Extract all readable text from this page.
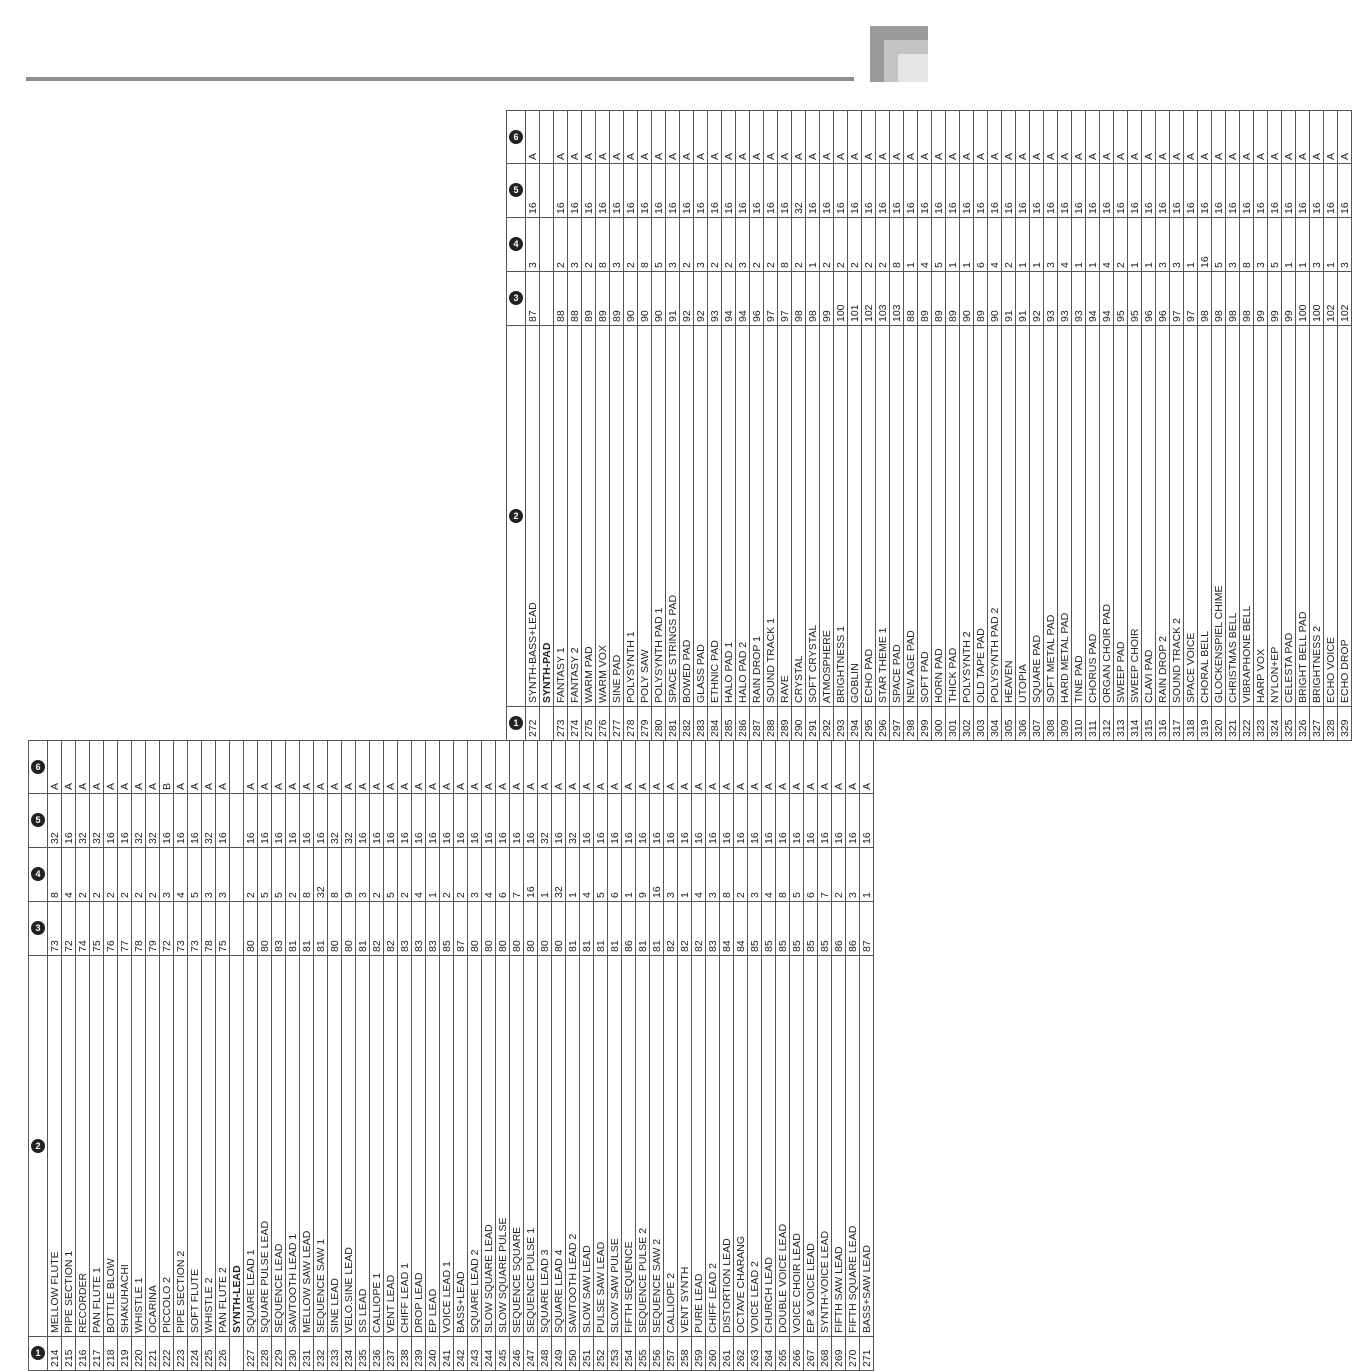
1	2	3	4	5	6
214	MELLOW FLUTE	73	8	32	A
215	PIPE SECTION 1	72	4	16	A
216	RECORDER	74	2	32	A
217	PAN FLUTE 1	75	2	32	A
218	BOTTLE BLOW	76	2	16	A
219	SHAKUHACHI	77	2	16	A
220	WHISTLE 1	78	2	32	A
221	OCARINA	79	2	32	A
222	PICCOLO 2	72	3	16	B
223	PIPE SECTION 2	73	4	16	A
224	SOFT FLUTE	73	5	16	A
225	WHISTLE 2	78	3	32	A
226	PAN FLUTE 2	75	3	16	A
	SYNTH-LEAD				
227	SQUARE LEAD 1	80	2	16	A
228	SQUARE PULSE LEAD	80	5	16	A
229	SEQUENCE LEAD	83	5	16	A
230	SAWTOOTH LEAD 1	81	2	16	A
231	MELLOW SAW LEAD	81	8	16	A
232	SEQUENCE SAW 1	81	32	16	A
233	SINE LEAD	80	8	32	A
234	VELO.SINE LEAD	80	9	32	A
235	SS LEAD	81	3	16	A
236	CALLIOPE 1	82	2	16	A
237	VENT LEAD	82	5	16	A
238	CHIFF LEAD 1	83	2	16	A
239	DROP LEAD	83	4	16	A
240	EP LEAD	83	1	16	A
241	VOICE LEAD 1	85	2	16	A
242	BASS+LEAD	87	2	16	A
243	SQUARE LEAD 2	80	3	16	A
244	SLOW SQUARE LEAD	80	4	16	A
245	SLOW SQUARE PULSE	80	6	16	A
246	SEQUENCE SQUARE	80	7	16	A
247	SEQUENCE PULSE 1	80	16	16	A
248	SQUARE LEAD 3	80	1	32	A
249	SQUARE LEAD 4	80	32	16	A
250	SAWTOOTH LEAD 2	81	1	32	A
251	SLOW SAW LEAD	81	4	16	A
252	PULSE SAW LEAD	81	5	16	A
253	SLOW SAW PULSE	81	6	16	A
254	FIFTH SEQUENCE	86	1	16	A
255	SEQUENCE PULSE 2	81	9	16	A
256	SEQUENCE SAW 2	81	16	16	A
257	CALLIOPE 2	82	3	16	A
258	VENT SYNTH	82	1	16	A
259	PURE LEAD	82	4	16	A
260	CHIFF LEAD 2	83	3	16	A
261	DISTORTION LEAD	84	8	16	A
262	OCTAVE CHARANG	84	2	16	A
263	VOICE LEAD 2	85	3	16	A
264	CHURCH LEAD	85	4	16	A
265	DOUBLE VOICE LEAD	85	8	16	A
266	VOICE CHOIR LEAD	85	5	16	A
267	EP & VOICE LEAD	85	6	16	A
268	SYNTH-VOICE LEAD	85	7	16	A
269	FIFTH SAW LEAD	86	2	16	A
270	FIFTH SQUARE LEAD	86	3	16	A
271	BASS+SAW LEAD	87	1	16	A
1	2	3	4	5	6
272	SYNTH-BASS+LEAD	87	3	16	A
	SYNTH-PAD				
273	FANTASY 1	88	2	16	A
274	FANTASY 2	88	3	16	A
275	WARM PAD	89	2	16	A
276	WARM VOX	89	8	16	A
277	SINE PAD	89	3	16	A
278	POLYSYNTH 1	90	2	16	A
279	POLY SAW	90	8	16	A
280	POLYSYNTH PAD 1	90	5	16	A
281	SPACE STRINGS PAD	91	3	16	A
282	BOWED PAD	92	2	16	A
283	GLASS PAD	92	3	16	A
284	ETHNIC PAD	93	2	16	A
285	HALO PAD 1	94	2	16	A
286	HALO PAD 2	94	3	16	A
287	RAIN DROP 1	96	2	16	A
288	SOUND TRACK 1	97	2	16	A
289	RAVE	97	8	16	A
290	CRYSTAL	98	2	32	A
291	SOFT CRYSTAL	98	1	16	A
292	ATMOSPHERE	99	2	16	A
293	BRIGHTNESS 1	100	2	16	A
294	GOBLIN	101	2	16	A
295	ECHO PAD	102	2	16	A
296	STAR THEME 1	103	2	16	A
297	SPACE PAD	103	8	16	A
298	NEW AGE PAD	88	1	16	A
299	SOFT PAD	89	4	16	A
300	HORN PAD	89	5	16	A
301	THICK PAD	89	1	16	A
302	POLYSYNTH 2	90	1	16	A
303	OLD TAPE PAD	89	6	16	A
304	POLYSYNTH PAD 2	90	4	16	A
305	HEAVEN	91	2	16	A
306	UTOPIA	91	1	16	A
307	SQUARE PAD	92	1	16	A
308	SOFT METAL PAD	93	3	16	A
309	HARD METAL PAD	93	4	16	A
310	TINE PAD	93	1	16	A
311	CHORUS PAD	94	1	16	A
312	ORGAN CHOIR PAD	94	4	16	A
313	SWEEP PAD	95	2	16	A
314	SWEEP CHOIR	95	1	16	A
315	CLAVI PAD	96	1	16	A
316	RAIN DROP 2	96	3	16	A
317	SOUND TRACK 2	97	3	16	A
318	SPACE VOICE	97	1	16	A
319	CHORAL BELL	98	16	16	A
320	GLOCKENSPIEL CHIME	98	5	16	A
321	CHRISTMAS BELL	98	3	16	A
322	VIBRAPHONE BELL	98	8	16	A
323	HARP VOX	99	3	16	A
324	NYLON+EP	99	5	16	A
325	CELESTA PAD	99	1	16	A
326	BRIGHT BELL PAD	100	1	16	A
327	BRIGHTNESS 2	100	3	16	A
328	ECHO VOICE	102	1	16	A
329	ECHO DROP	102	3	16	A
